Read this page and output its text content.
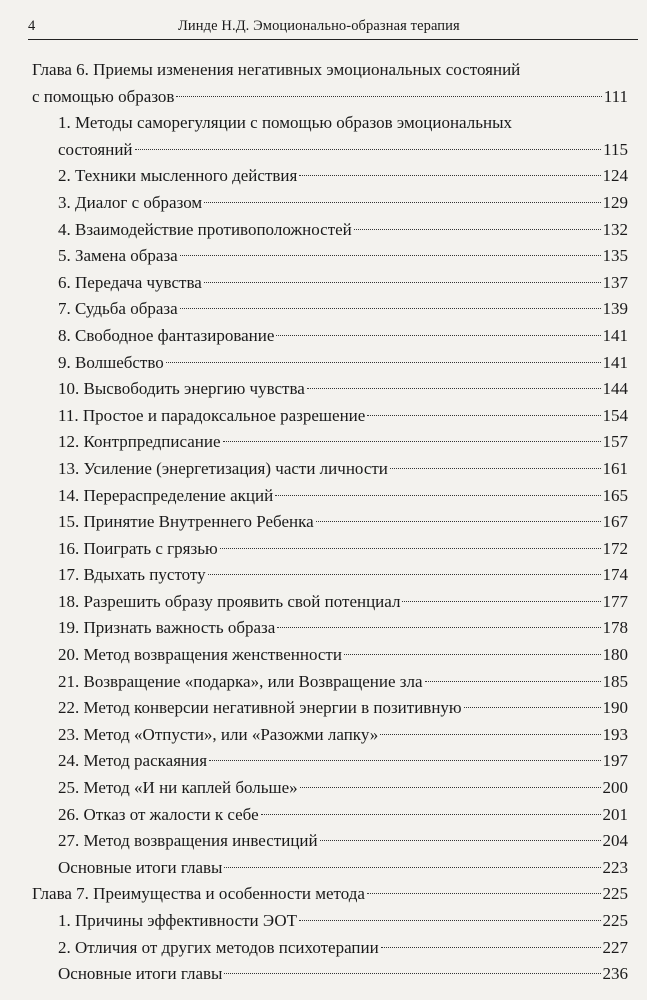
4	Линде Н.Д. Эмоционально-образная терапия
Глава 6. Приемы изменения негативных эмоциональных состояний
с помощью образов	111
1. Методы саморегуляции с помощью образов эмоциональных
состояний	115
2. Техники мысленного действия	124
3. Диалог с образом	129
4. Взаимодействие противоположностей	132
5. Замена образа	135
6. Передача чувства	137
7. Судьба образа	139
8. Свободное фантазирование	141
9. Волшебство	141
10. Высвободить энергию чувства	144
11. Простое и парадоксальное разрешение	154
12. Контрпредписание	157
13. Усиление (энергетизация) части личности	161
14. Перераспределение акций	165
15. Принятие Внутреннего Ребенка	167
16. Поиграть с грязью	172
17. Вдыхать пустоту	174
18. Разрешить образу проявить свой потенциал	177
19. Признать важность образа	178
20. Метод возвращения женственности	180
21. Возвращение «подарка», или Возвращение зла	185
22. Метод конверсии негативной энергии в позитивную	190
23. Метод «Отпусти», или «Разожми лапку»	193
24. Метод раскаяния	197
25. Метод «И ни каплей больше»	200
26. Отказ от жалости к себе	201
27. Метод возвращения инвестиций	204
Основные итоги главы	223
Глава 7. Преимущества и особенности метода	225
1. Причины эффективности ЭОТ	225
2. Отличия от других методов психотерапии	227
Основные итоги главы	236
